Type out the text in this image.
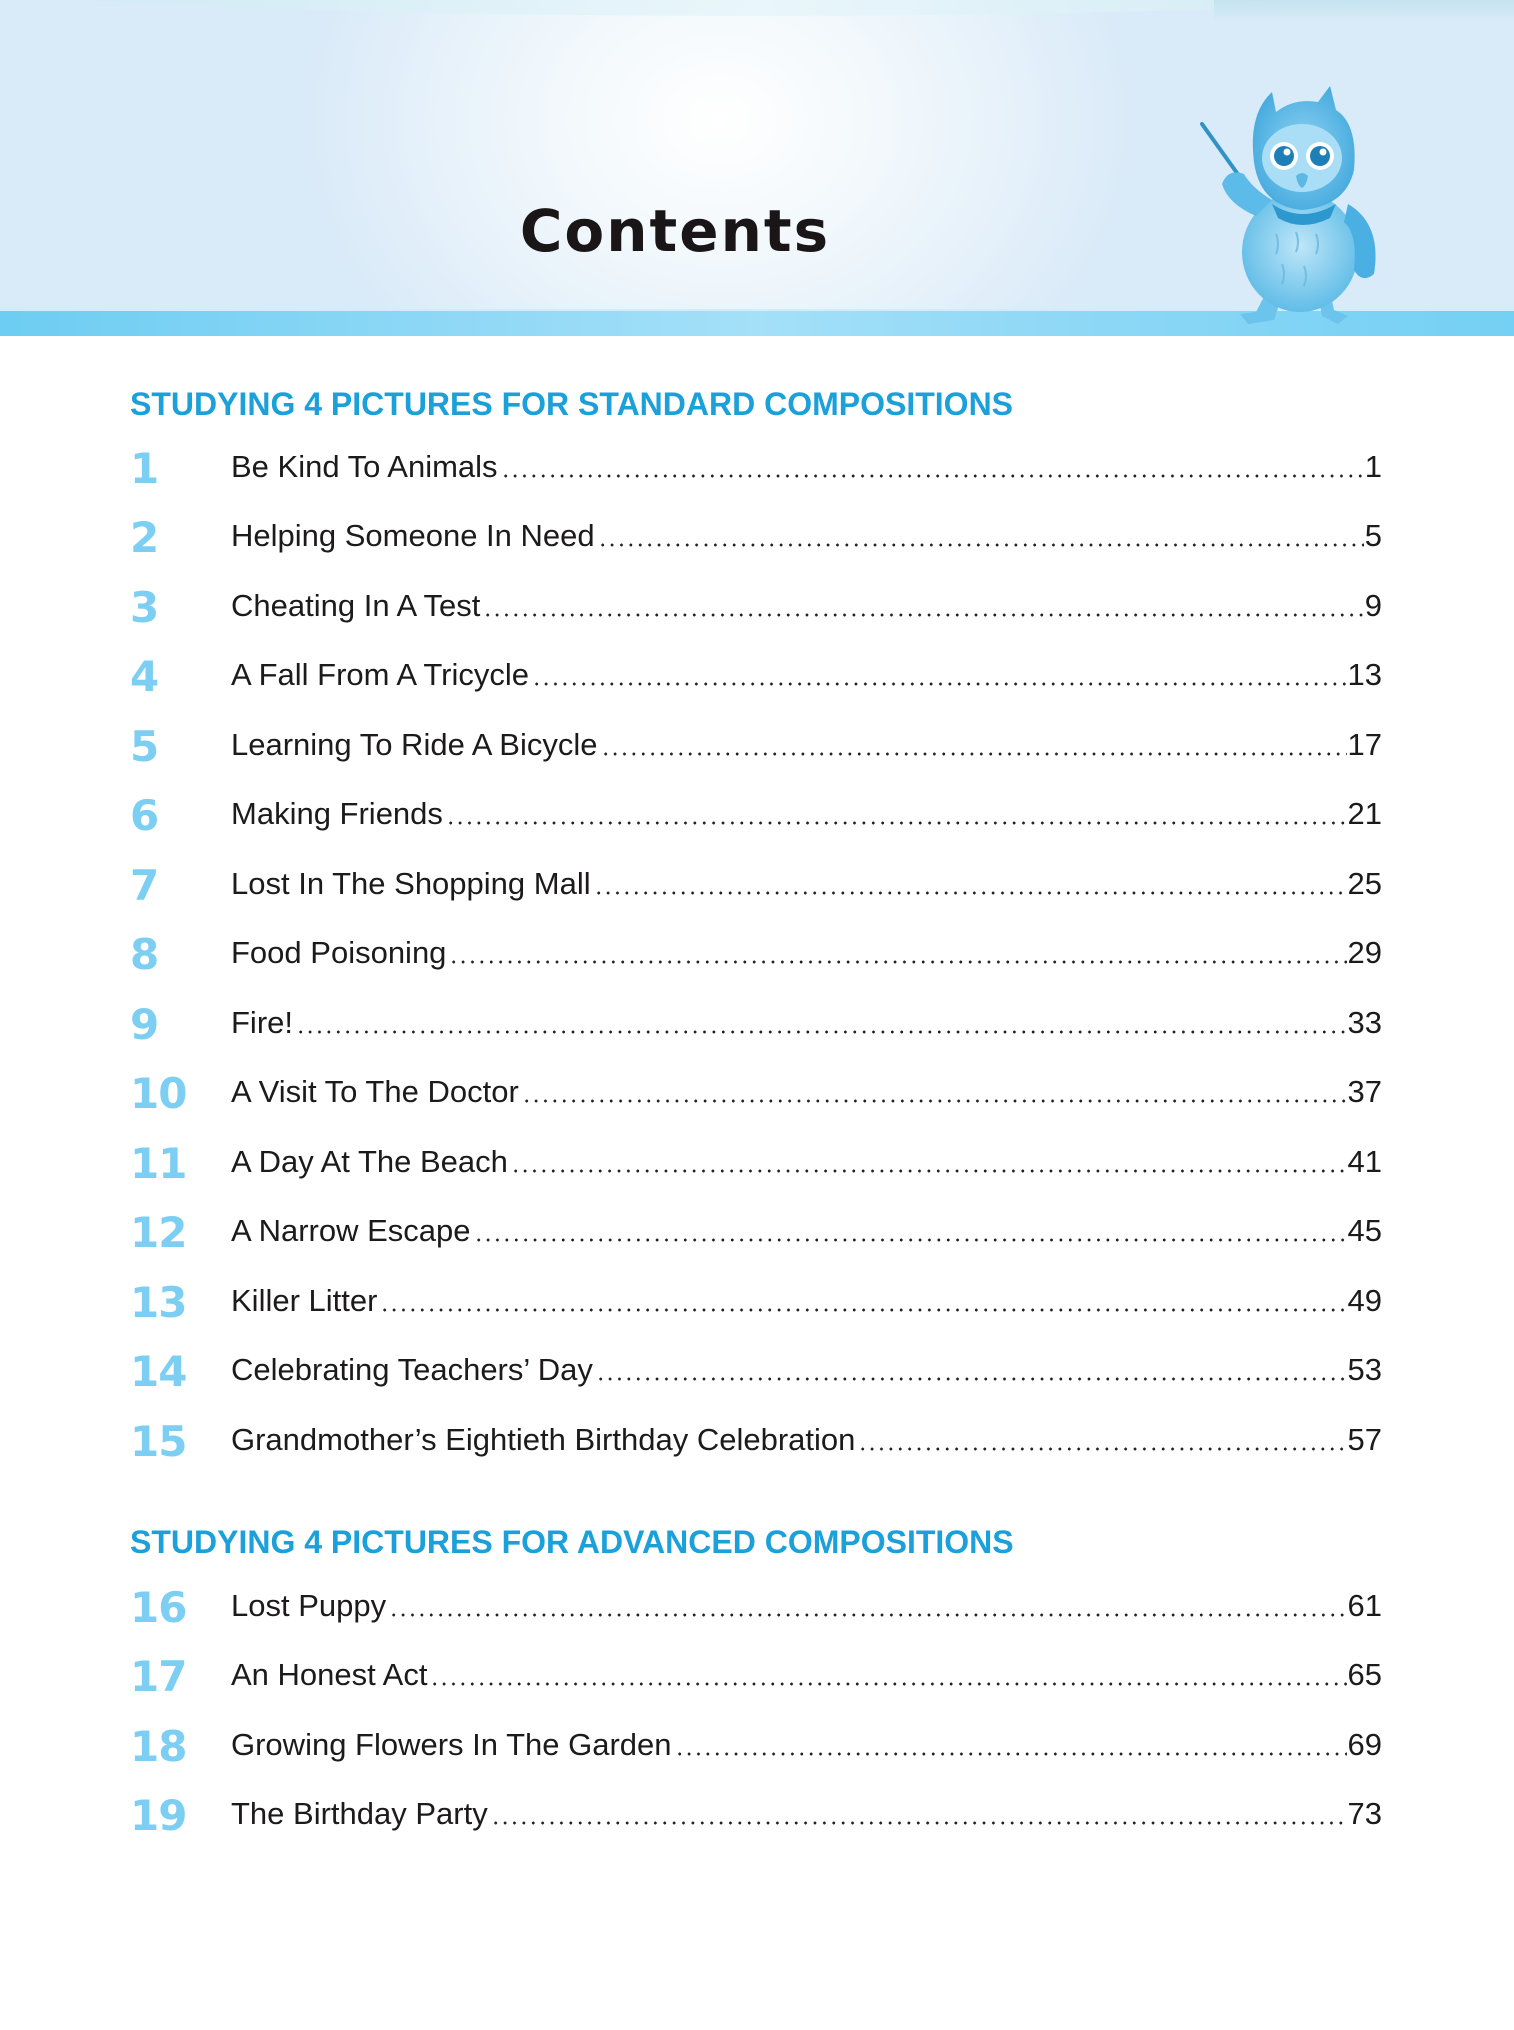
Contents
STUDYING 4 PICTURES FOR STANDARD COMPOSITIONS
1 Be Kind To Animals	1
2 Helping Someone In Need	5
3 Cheating In A Test	9
4 A Fall From A Tricycle	13
5 Learning To Ride A Bicycle	17
6 Making Friends	21
7 Lost In The Shopping Mall	25
8 Food Poisoning	29
9 Fire!	33
10 A Visit To The Doctor	37
11 A Day At The Beach	41
12 A Narrow Escape	45
13 Killer Litter	49
14 Celebrating Teachers’ Day	53
15 Grandmother’s Eightieth Birthday Celebration	57
STUDYING 4 PICTURES FOR ADVANCED COMPOSITIONS
16 Lost Puppy	61
17 An Honest Act	65
18 Growing Flowers In The Garden	69
19 The Birthday Party	73
